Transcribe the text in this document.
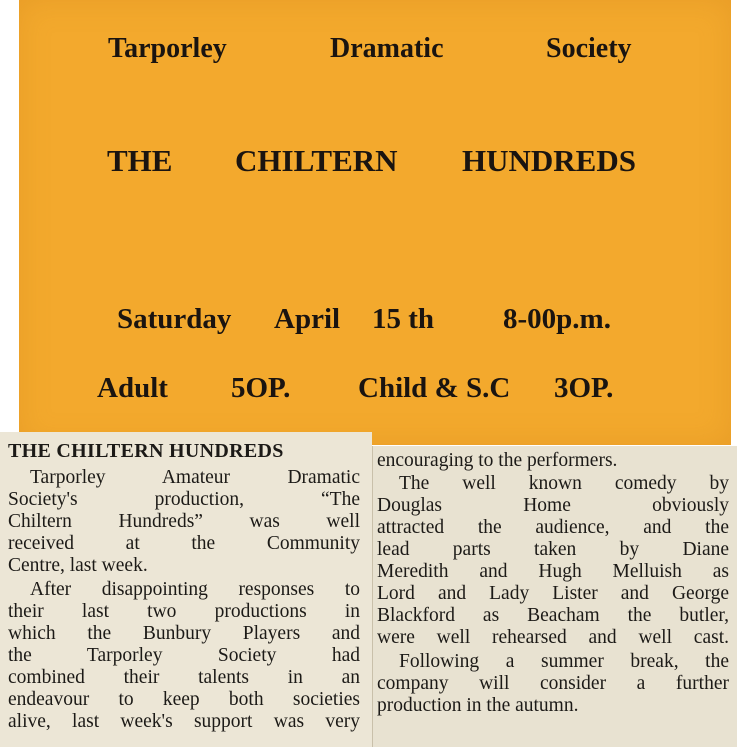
Tarporley	Dramatic	Society
THE CHILTERN HUNDREDS
Saturday April 15 th 8-00p.m.
Adult 5OP. Child & S.C 3OP.
THE CHILTERN HUNDREDS
Tarporley Amateur Dramatic
Society's production, “The
Chiltern Hundreds” was well
received at the Community
Centre, last week.
After disappointing responses to
their last two productions in
which the Bunbury Players and
the Tarporley Society had
combined their talents in an
endeavour to keep both societies
alive, last week's support was very
encouraging to the performers.
The well known comedy by
Douglas Home obviously
attracted the audience, and the
lead parts taken by Diane
Meredith and Hugh Melluish as
Lord and Lady Lister and George
Blackford as Beacham the butler,
were well rehearsed and well cast.
Following a summer break, the
company will consider a further
production in the autumn.
